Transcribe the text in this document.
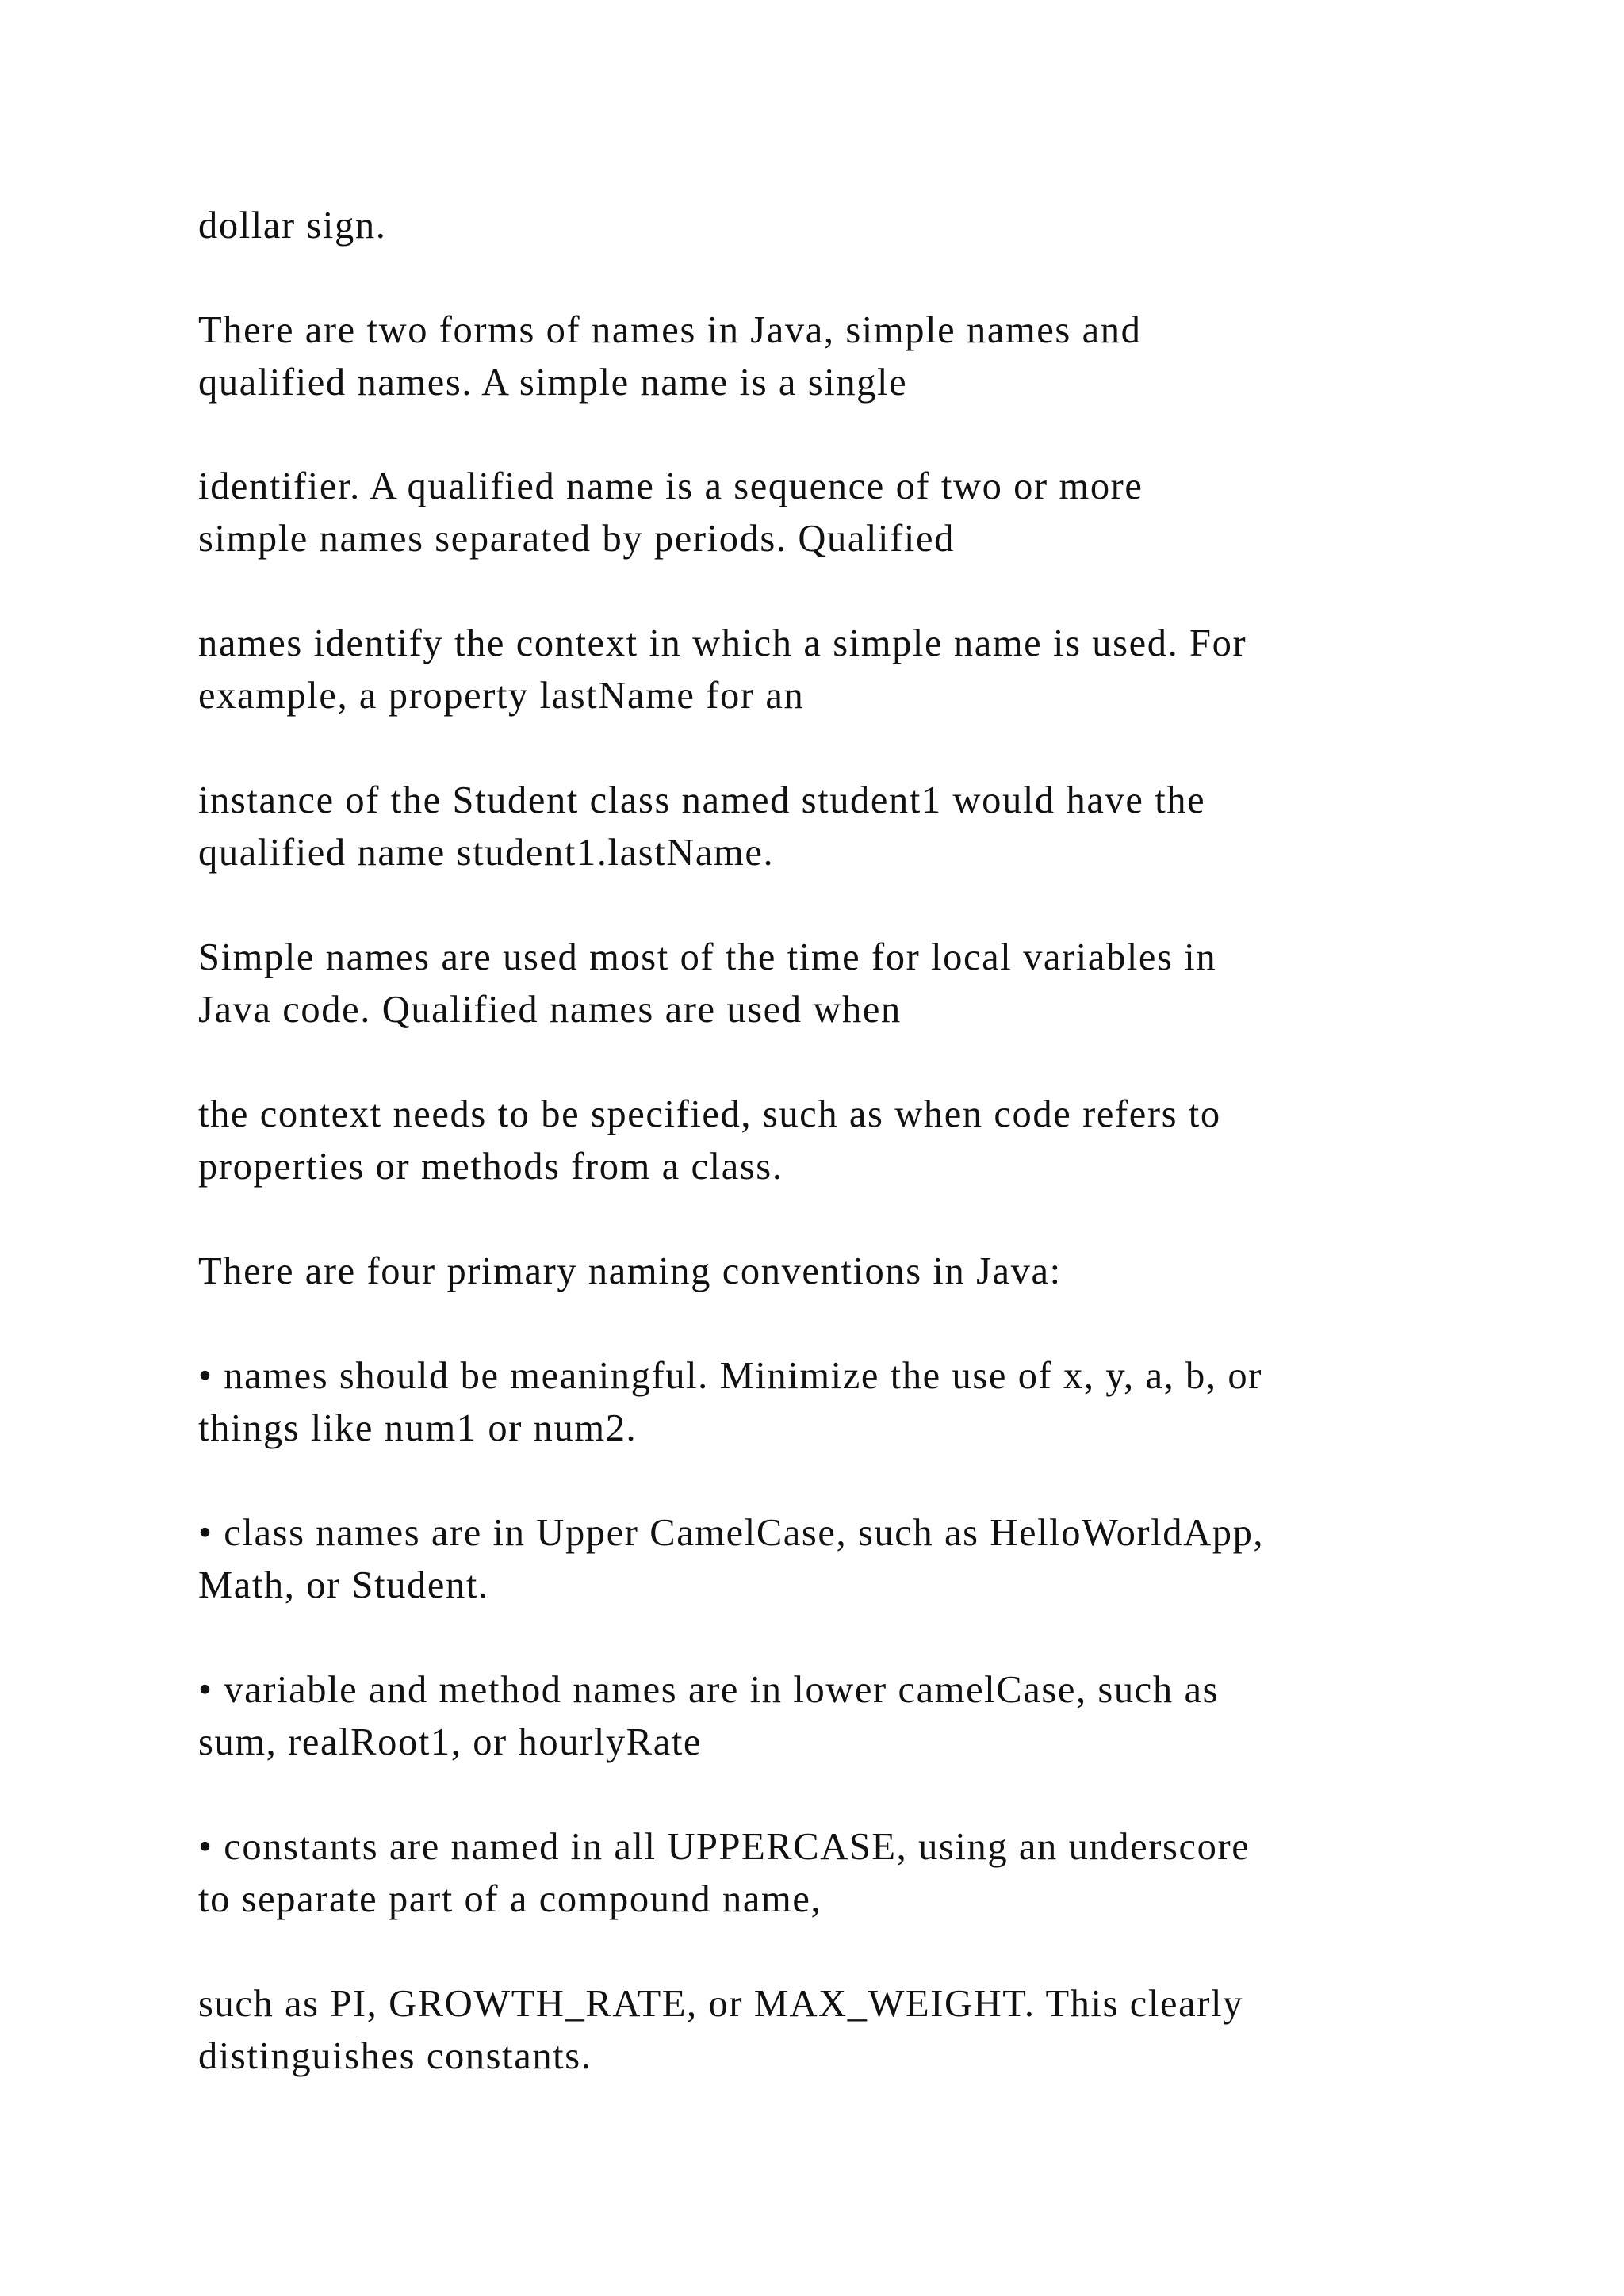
dollar sign.

There are two forms of names in Java, simple names and
qualified names. A simple name is a single

identifier. A qualified name is a sequence of two or more
simple names separated by periods. Qualified

names identify the context in which a simple name is used. For
example, a property lastName for an

instance of the Student class named student1 would have the
qualified name student1.lastName.

Simple names are used most of the time for local variables in
Java code. Qualified names are used when

the context needs to be specified, such as when code refers to
properties or methods from a class.

There are four primary naming conventions in Java:

• names should be meaningful. Minimize the use of x, y, a, b, or
things like num1 or num2.

• class names are in Upper CamelCase, such as HelloWorldApp,
Math, or Student.

• variable and method names are in lower camelCase, such as
sum, realRoot1, or hourlyRate

• constants are named in all UPPERCASE, using an underscore
to separate part of a compound name,

such as PI, GROWTH_RATE, or MAX_WEIGHT. This clearly
distinguishes constants.
